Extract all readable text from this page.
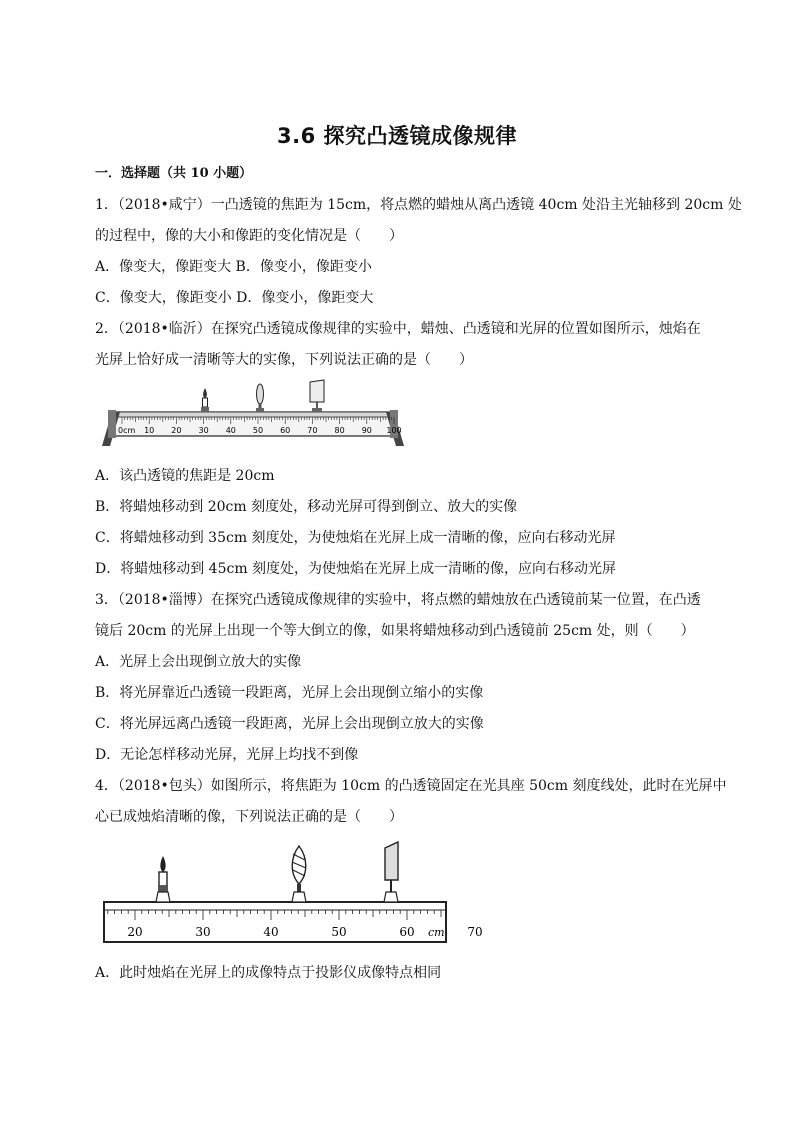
3.6 探究凸透镜成像规律
一．选择题（共 10 小题）
1．（2018•咸宁）一凸透镜的焦距为 15cm，将点燃的蜡烛从离凸透镜 40cm 处沿主光轴移到 20cm 处
的过程中，像的大小和像距的变化情况是（　　）
A．像变大，像距变大 B．像变小，像距变小
C．像变大，像距变小 D．像变小，像距变大
2．（2018•临沂）在探究凸透镜成像规律的实验中，蜡烛、凸透镜和光屏的位置如图所示，烛焰在
光屏上恰好成一清晰等大的实像，下列说法正确的是（　　）
0cm 10 20 30 40 50 60 70 80 90 100
A．该凸透镜的焦距是 20cm
B．将蜡烛移动到 20cm 刻度处，移动光屏可得到倒立、放大的实像
C．将蜡烛移动到 35cm 刻度处，为使烛焰在光屏上成一清晰的像，应向右移动光屏
D．将蜡烛移动到 45cm 刻度处，为使烛焰在光屏上成一清晰的像，应向右移动光屏
3．（2018•淄博）在探究凸透镜成像规律的实验中，将点燃的蜡烛放在凸透镜前某一位置，在凸透
镜后 20cm 的光屏上出现一个等大倒立的像，如果将蜡烛移动到凸透镜前 25cm 处，则（　　）
A．光屏上会出现倒立放大的实像
B．将光屏靠近凸透镜一段距离，光屏上会出现倒立缩小的实像
C．将光屏远离凸透镜一段距离，光屏上会出现倒立放大的实像
D．无论怎样移动光屏，光屏上均找不到像
4．（2018•包头）如图所示，将焦距为 10cm 的凸透镜固定在光具座 50cm 刻度线处，此时在光屏中
心已成烛焰清晰的像，下列说法正确的是（　　）
20	30	40	50	60	70
cm
A．此时烛焰在光屏上的成像特点于投影仪成像特点相同
